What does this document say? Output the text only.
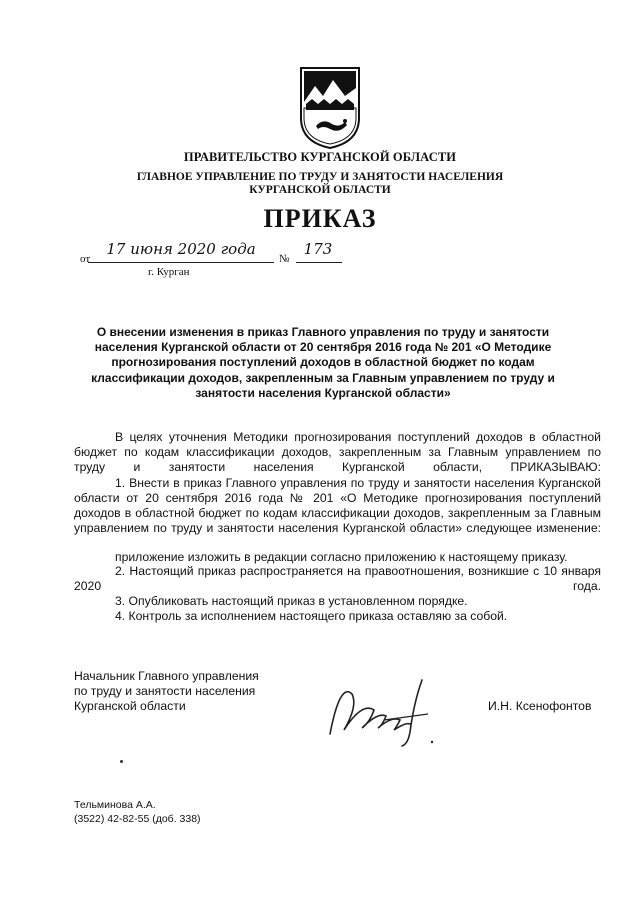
ПРАВИТЕЛЬСТВО КУРГАНСКОЙ ОБЛАСТИ
ГЛАВНОЕ УПРАВЛЕНИЕ ПО ТРУДУ И ЗАНЯТОСТИ НАСЕЛЕНИЯ
КУРГАНСКОЙ ОБЛАСТИ
ПРИКАЗ
от
17 июня 2020 года
№
173
г. Курган
О внесении изменения в приказ Главного управления по труду и занятости населения Курганской области от 20 сентября 2016 года № 201 «О Методике прогнозирования поступлений доходов в областной бюджет по кодам классификации доходов, закрепленным за Главным управлением по труду и занятости населения Курганской области»
В целях уточнения Методики прогнозирования поступлений доходов в областной бюджет по кодам классификации доходов, закрепленным за Главным управлением по труду и занятости населения Курганской области, ПРИКАЗЫВАЮ:
1. Внести в приказ Главного управления по труду и занятости населения Курганской области от 20 сентября 2016 года № 201 «О Методике прогнозирования поступлений доходов в областной бюджет по кодам классификации доходов, закрепленным за Главным управлением по труду и занятости населения Курганской области» следующее изменение:
приложение изложить в редакции согласно приложению к настоящему приказу.
2. Настоящий приказ распространяется на правоотношения, возникшие с 10 января 2020 года.
3. Опубликовать настоящий приказ в установленном порядке.
4. Контроль за исполнением настоящего приказа оставляю за собой.
Начальник Главного управления
по труду и занятости населения
Курганской области	И.Н. Ксенофонтов
Тельминова А.А.
(3522) 42-82-55 (доб. 338)
